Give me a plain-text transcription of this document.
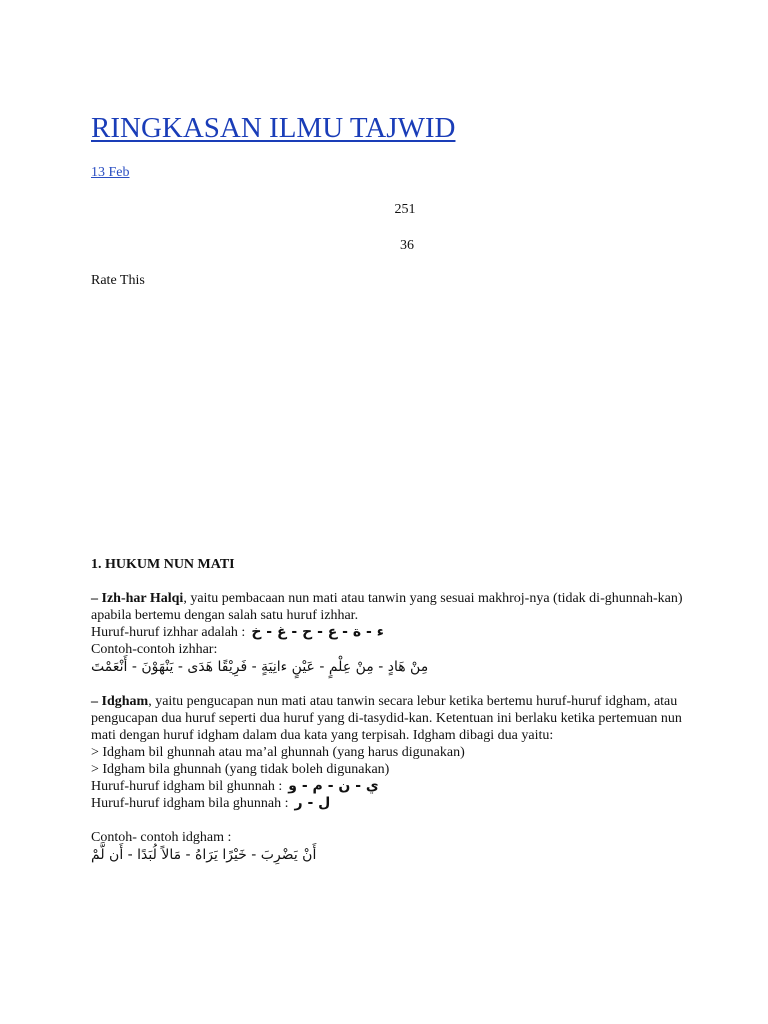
RINGKASAN ILMU TAJWID
13 Feb
251
36
Rate This

1. HUKUM NUN MATI

– Izh-har Halqi, yaitu pembacaan nun mati atau tanwin yang sesuai makhroj-nya (tidak di-ghunnah-kan) apabila bertemu dengan salah satu huruf izhhar.

Huruf-huruf izhhar adalah : ء - ة - ع - ح - غ - خ

Contoh-contoh izhhar:

مِنْ هَادٍ - مِنْ عِلْمٍ - عَيْنٍ ءانِيَةٍ - فَرِيْقًا هَدَى - يَنْهَوْنَ - أَنْعَمْتَ

– Idgham, yaitu pengucapan nun mati atau tanwin secara lebur ketika bertemu huruf-huruf idgham, atau pengucapan dua huruf seperti dua huruf yang di-tasydid-kan. Ketentuan ini berlaku ketika pertemuan nun mati dengan huruf idgham dalam dua kata yang terpisah. Idgham dibagi dua yaitu:

> Idgham bil ghunnah atau ma’al ghunnah (yang harus digunakan)

> Idgham bila ghunnah (yang tidak boleh digunakan)

Huruf-huruf idgham bil ghunnah : ي - ن - م - و

Huruf-huruf idgham bila ghunnah : ل - ر

Contoh- contoh idgham :

أَنْ يَضْرِبَ - خَيْرًا يَرَاهُ - مَالاً لُبَدًا - أَن لَّمْ
